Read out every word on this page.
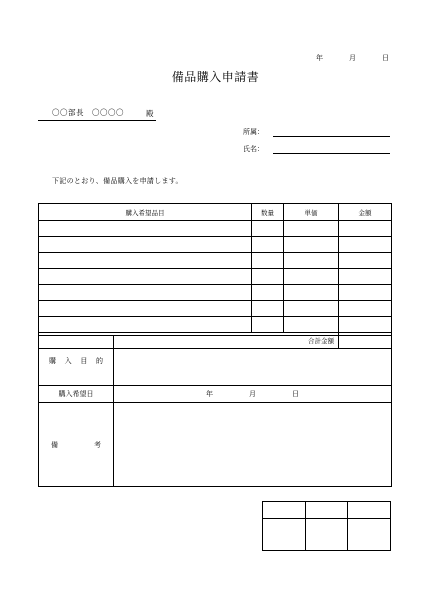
年	月	日
備品購入申請書
〇〇部長　〇〇〇〇	殿
所属：
氏名：
下記のとおり、備品購入を申請します。
購入希望品目	数量	単価	金額

合計金額			
購 入 目 的	

購入希望日	年 月 日

備 考	
